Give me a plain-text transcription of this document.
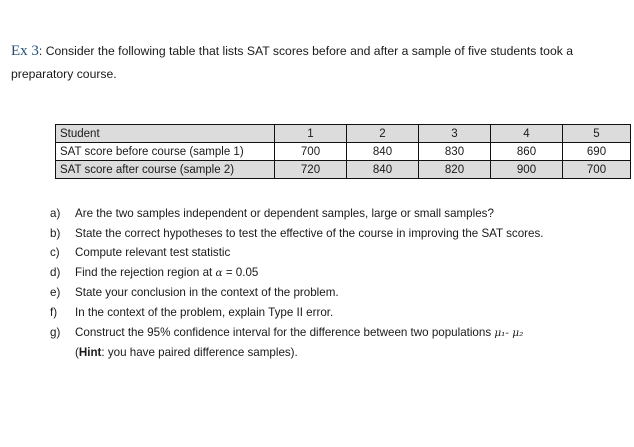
Ex 3: Consider the following table that lists SAT scores before and after a sample of five students took a preparatory course.
Student	1	2	3	4	5
SAT score before course (sample 1)	700	840	830	860	690
SAT score after course (sample 2)	720	840	820	900	700
a) Are the two samples independent or dependent samples, large or small samples?
b) State the correct hypotheses to test the effective of the course in improving the SAT scores.
c) Compute relevant test statistic
d) Find the rejection region at α = 0.05
e) State your conclusion in the context of the problem.
f) In the context of the problem, explain Type II error.
g) Construct the 95% confidence interval for the difference between two populations μ₁- μ₂
(Hint: you have paired difference samples).
